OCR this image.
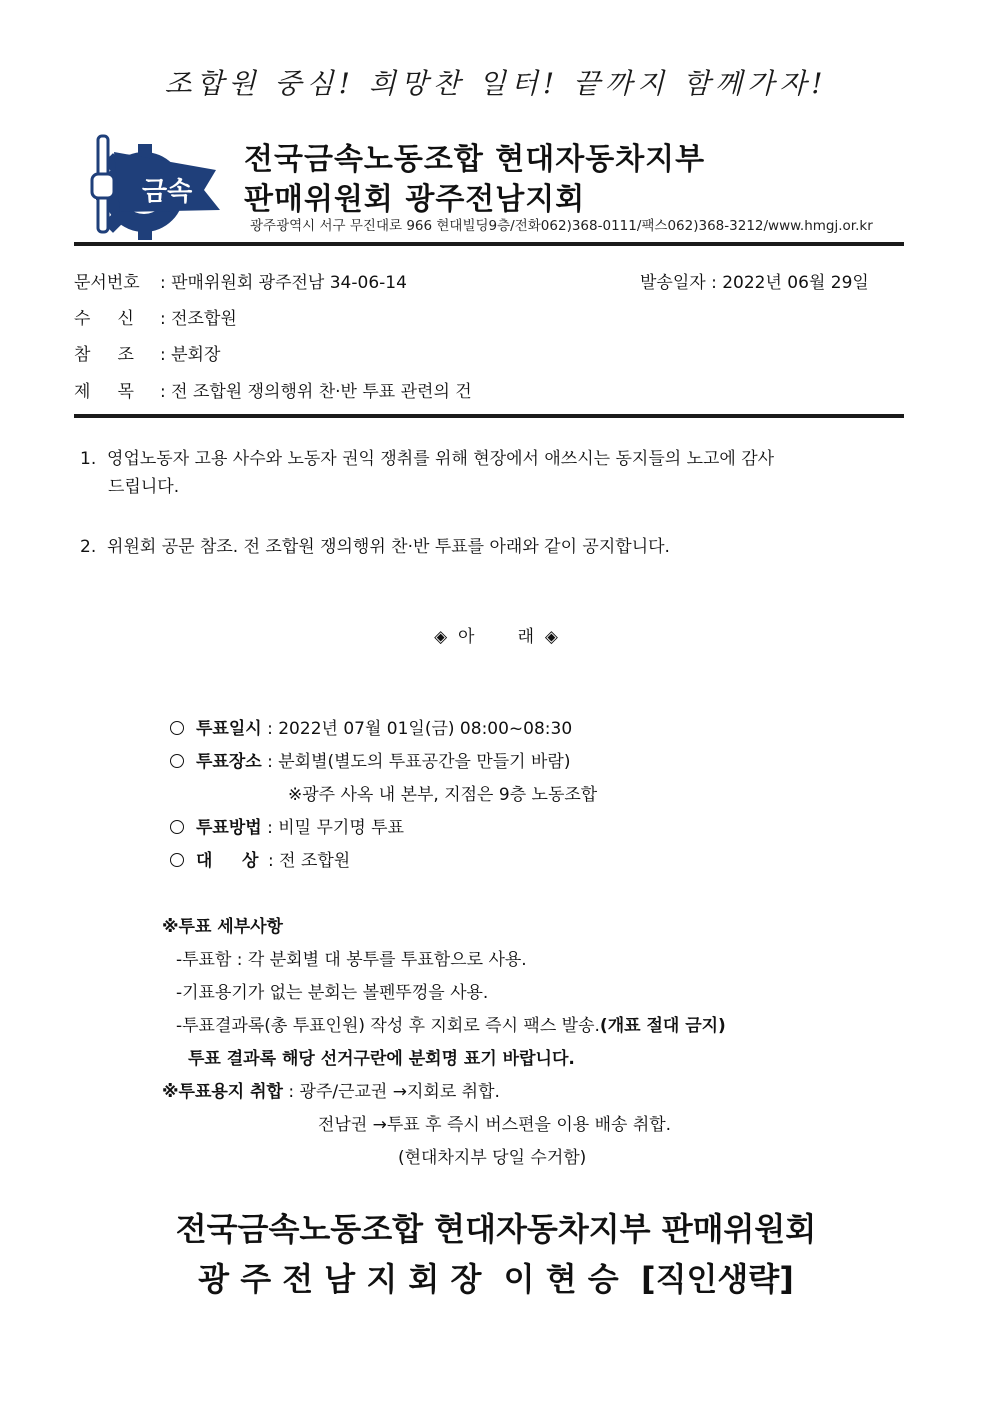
조합원 중심! 희망찬 일터! 끝까지 함께가자!
금속
전국금속노동조합 현대자동차지부
판매위원회 광주전남지회
광주광역시 서구 무진대로 966 현대빌딩9층/전화062)368-0111/팩스062)368-3212/www.hmgj.or.kr
문서번호 : 판매위원회 광주전남 34-06-14	발송일자 : 2022년 06월 29일
수     신 : 전조합원
참     조 : 분회장
제     목 : 전 조합원 쟁의행위 찬·반 투표 관련의 건
1.  영업노동자 고용 사수와 노동자 권익 쟁취를 위해 현장에서 애쓰시는 동지들의 노고에 감사
드립니다.
2.  위원회 공문 참조. 전 조합원 쟁의행위 찬·반 투표를 아래와 같이 공지합니다.
◈  아        래  ◈
투표일시 : 2022년 07월 01일(금) 08:00~08:30
투표장소 : 분회별(별도의 투표공간을 만들기 바람)
※광주 사옥 내 본부, 지점은 9층 노동조합
투표방법 : 비밀 무기명 투표
대     상 : 전 조합원
※투표 세부사항
-투표함 : 각 분회별 대 봉투를 투표함으로 사용.
-기표용기가 없는 분회는 볼펜뚜껑을 사용.
-투표결과록(총 투표인원) 작성 후 지회로 즉시 팩스 발송.(개표 절대 금지)
투표 결과록 해당 선거구란에 분회명 표기 바랍니다.
※투표용지 취합 : 광주/근교권 →지회로 취합.
전남권 →투표 후 즉시 버스편을 이용 배송 취합.
(현대차지부 당일 수거함)
전국금속노동조합 현대자동차지부 판매위원회
광 주 전 남 지 회 장  이 현 승  [직인생략]
